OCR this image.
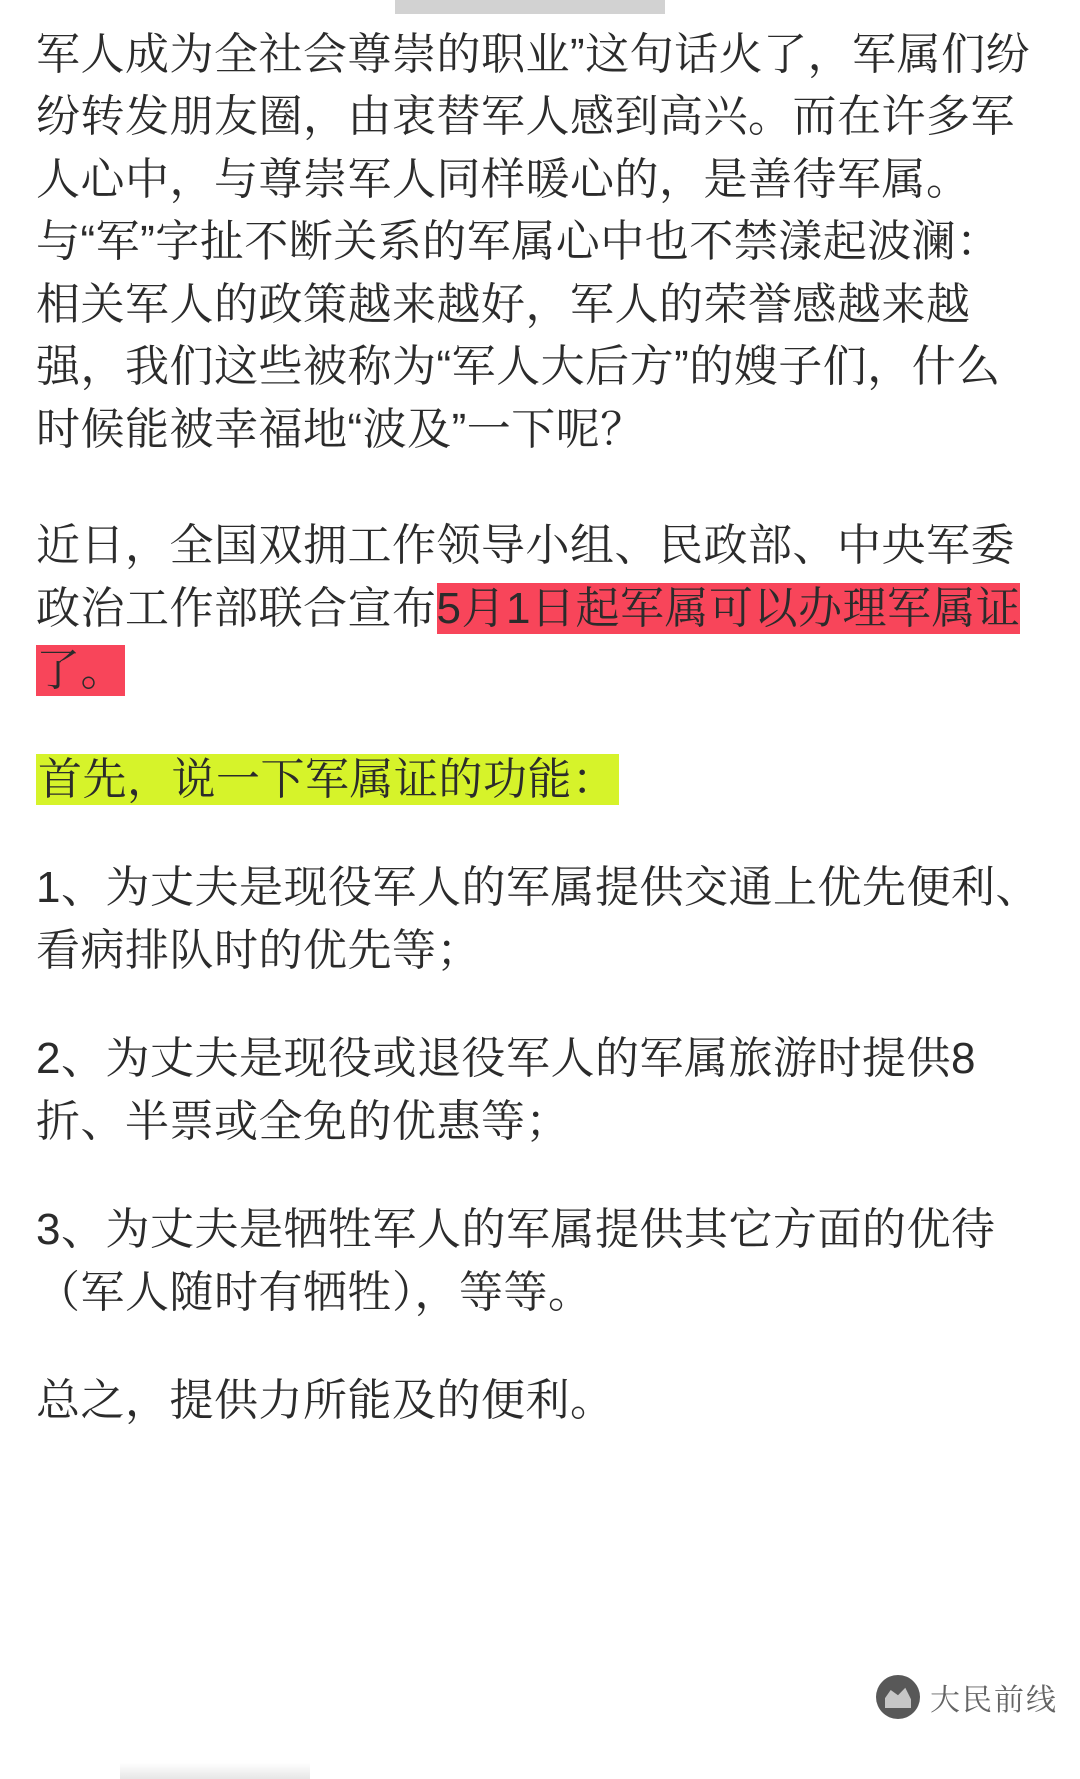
军人成为全社会尊崇的职业”这句话火了，军属们纷纷转发朋友圈，由衷替军人感到高兴。而在许多军人心中，与尊崇军人同样暖心的，是善待军属。与“军”字扯不断关系的军属心中也不禁漾起波澜：相关军人的政策越来越好，军人的荣誉感越来越强，我们这些被称为“军人大后方”的嫂子们，什么时候能被幸福地“波及”一下呢？

近日，全国双拥工作领导小组、民政部、中央军委政治工作部联合宣布5月1日起军属可以办理军属证了。

首先，说一下军属证的功能：

1、为丈夫是现役军人的军属提供交通上优先便利、看病排队时的优先等；

2、为丈夫是现役或退役军人的军属旅游时提供8折、半票或全免的优惠等；

3、为丈夫是牺牲军人的军属提供其它方面的优待（军人随时有牺牲），等等。

总之，提供力所能及的便利。

大民前线
